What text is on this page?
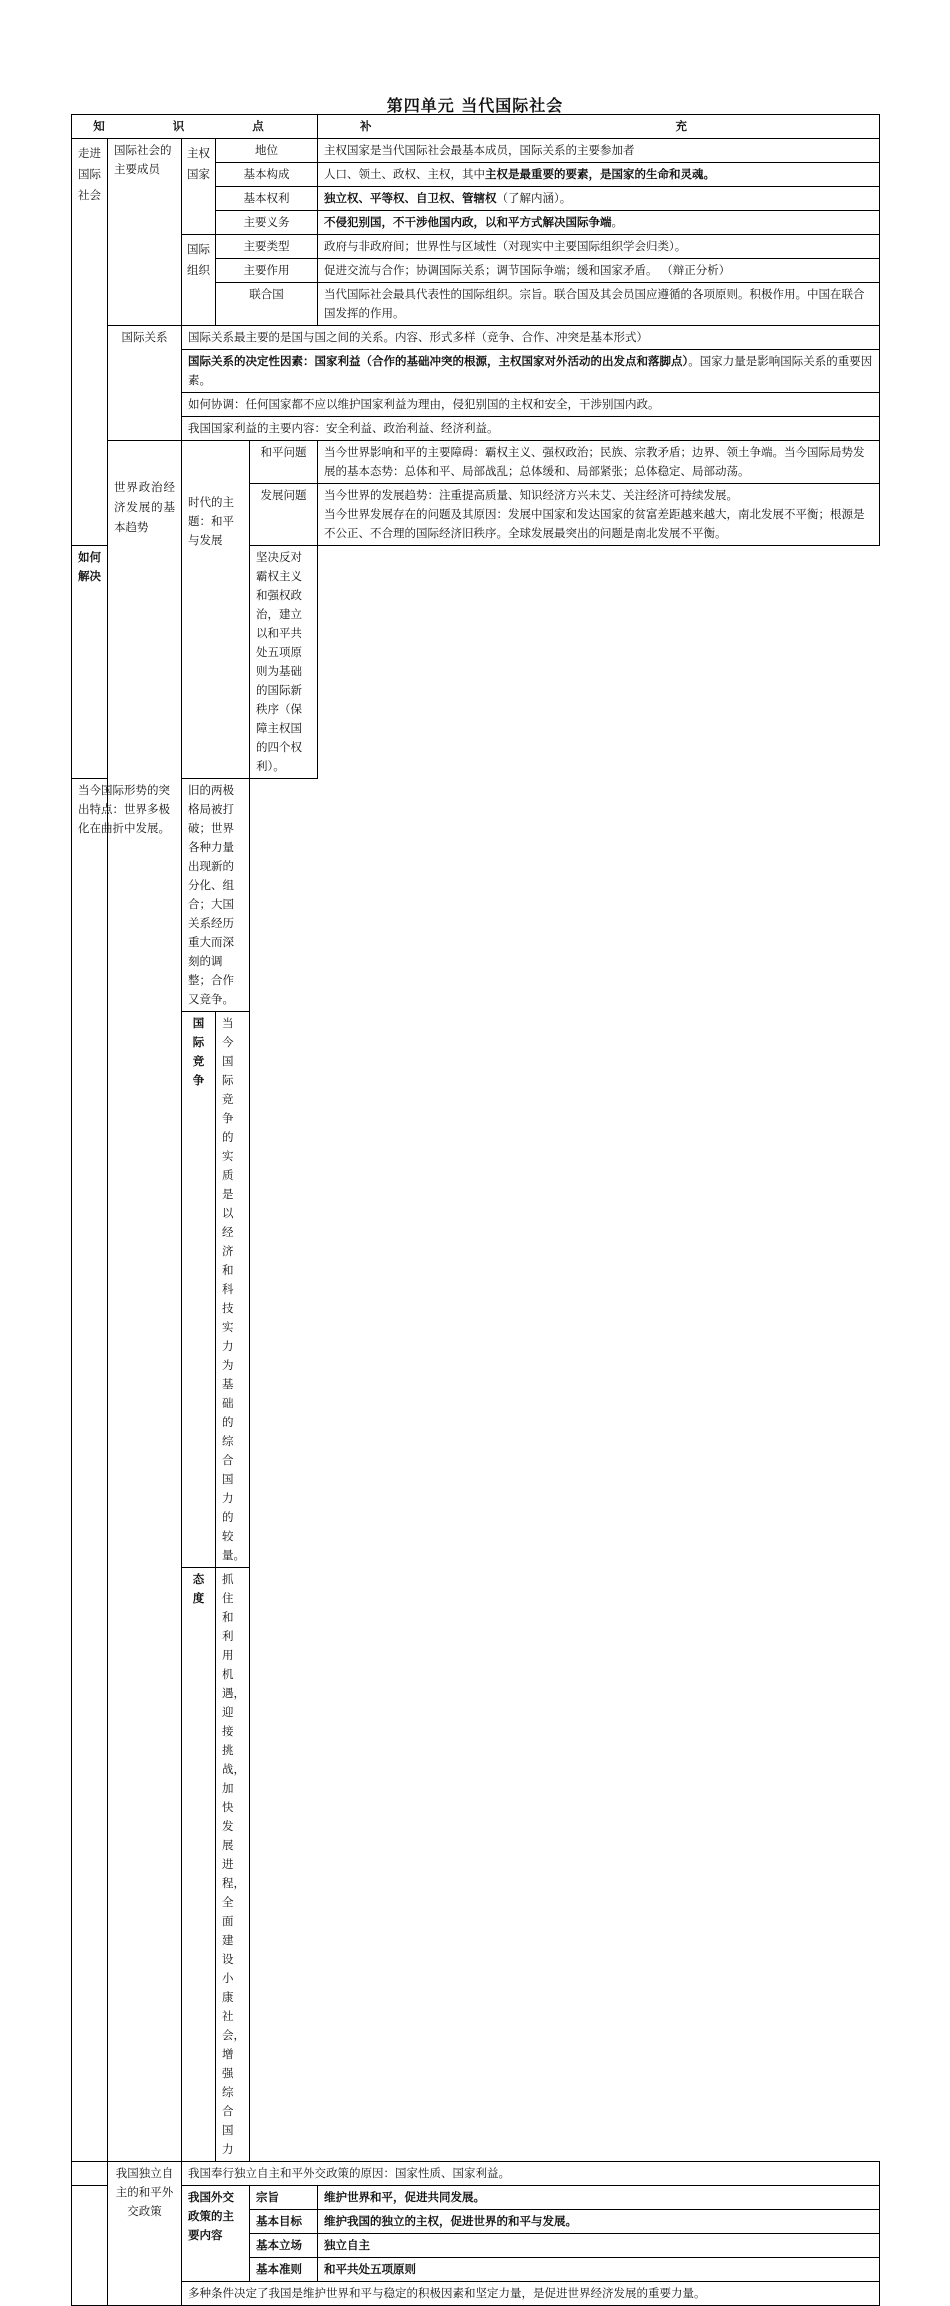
第四单元 当代国际社会
知 识 点					补 充
走进国际社会	国际社会的主要成员	主权国家	地位		主权国家是当代国际社会最基本成员，国际关系的主要参加者
			基本构成		人口、领土、政权、主权，其中主权是最重要的要素，是国家的生命和灵魂。
			基本权利		独立权、平等权、自卫权、管辖权（了解内涵）。
			主要义务		不侵犯别国，不干涉他国内政，以和平方式解决国际争端。
		国际组织	主要类型		政府与非政府间；世界性与区域性（对现实中主要国际组织学会归类）。
			主要作用		促进交流与合作；协调国际关系；调节国际争端；缓和国家矛盾。 （辩正分析）
			联合国		当代国际社会最具代表性的国际组织。宗旨。联合国及其会员国应遵循的各项原则。积极作用。中国在联合国发挥的作用。
	国际关系	国际关系最主要的是国与国之间的关系。内容、形式多样（竞争、合作、冲突是基本形式）			
		国际关系的决定性因素：国家利益（合作的基础冲突的根源，主权国家对外活动的出发点和落脚点）。国家力量是影响国际关系的重要因素。			
		如何协调：任何国家都不应以维护国家利益为理由，侵犯别国的主权和安全，干涉别国内政。			
		我国国家利益的主要内容：安全利益、政治利益、经济利益。			
	世界政治经济发展的基本趋势	时代的主题：和平与发展		和平问题	当今世界影响和平的主要障碍：霸权主义、强权政治；民族、宗教矛盾；边界、领土争端。当今国际局势发展的基本态势：总体和平、局部战乱；总体缓和、局部紧张；总体稳定、局部动荡。
				发展问题	当今世界的发展趋势：注重提高质量、知识经济方兴未艾、关注经济可持续发展。
当今世界发展存在的问题及其原因：发展中国家和发达国家的贫富差距越来越大，南北发展不平衡；根源是不公正、不合理的国际经济旧秩序。全球发展最突出的问题是南北发展不平衡。

如何解决				坚决反对霸权主义和强权政治，建立以和平共处五项原则为基础的国际新秩序（保障主权国的四个权利）。	
当今国际形势的突出特点：世界多极化在曲折中发展。		旧的两极格局被打破；世界各种力量出现新的分化、组合；大国关系经历重大而深刻的调整；合作又竞争。			
		国际竞争	当今国际竞争的实质是以经济和科技实力为基础的综合国力的较量。		
		态度	抓住和利用机遇，迎接挑战，加快发展进程，全面建设小康社会，增强综合国力		
	我国独立自主的和平外交政策	我国奉行独立自主和平外交政策的原因：国家性质、国家利益。			
		我国外交政策的主要内容		宗旨	维护世界和平，促进共同发展。
				基本目标	维护我国的独立的主权，促进世界的和平与发展。
				基本立场	独立自主
				基本准则	和平共处五项原则
		多种条件决定了我国是维护世界和平与稳定的积极因素和坚定力量，是促进世界经济发展的重要力量。			
